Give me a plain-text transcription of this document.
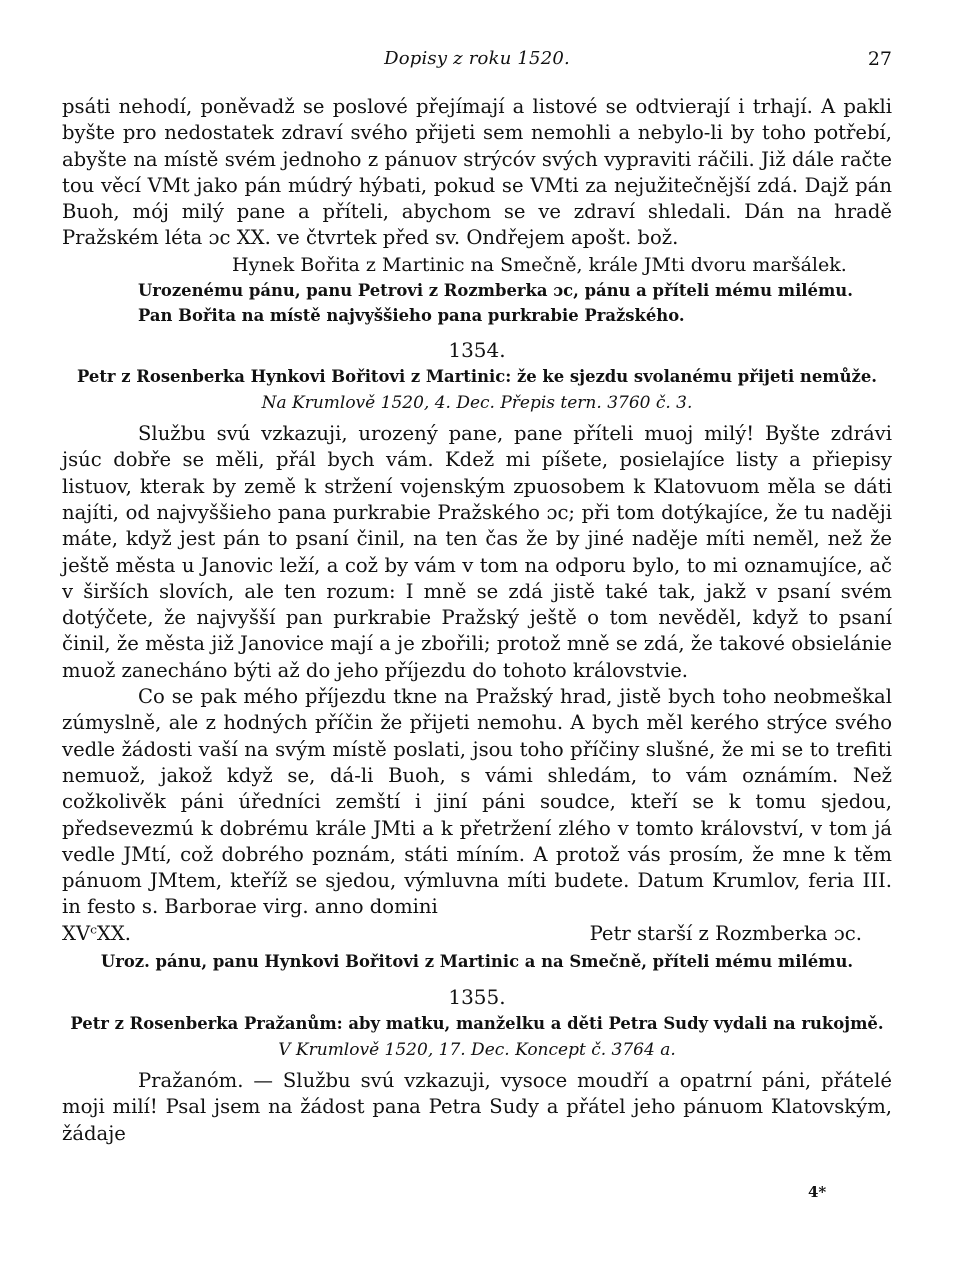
Dopisy z roku 1520.	27

psáti nehodí, poněvadž se poslové přejímají a listové se odtvierají i trhají. A pakli byšte pro nedostatek zdraví svého přijeti sem nemohli a nebylo-li by toho potřebí, abyšte na místě svém jednoho z pánuov strýcóv svých vypraviti ráčili. Již dále račte tou věcí VMt jako pán múdrý hýbati, pokud se VMti za nejužitečnější zdá. Dajž pán Buoh, mój milý pane a příteli, abychom se ve zdraví shledali. Dán na hradě Pražském léta ɔc XX. ve čtvrtek před sv. Ondřejem apošt. bož.

Hynek Bořita z Martinic na Smečně, krále JMti dvoru maršálek.

Urozenému pánu, panu Petrovi z Rozmberka ɔc, pánu a příteli mému milému.

Pan Bořita na místě najvyššieho pana purkrabie Pražského.

1354.
Petr z Rosenberka Hynkovi Bořitovi z Martinic: že ke sjezdu svolanému přijeti nemůže.
Na Krumlově 1520, 4. Dec. Přepis tern. 3760 č. 3.

Službu svú vzkazuji, urozený pane, pane příteli muoj milý! Byšte zdrávi jsúc dobře se měli, přál bych vám. Kdež mi píšete, posielajíce listy a přiepisy listuov, kterak by země k stržení vojenským zpuosobem k Klatovuom měla se dáti najíti, od najvyššieho pana purkrabie Pražského ɔc; při tom dotýkajíce, že tu naději máte, když jest pán to psaní činil, na ten čas že by jiné naděje míti neměl, než že ještě města u Janovic leží, a což by vám v tom na odporu bylo, to mi oznamujíce, ač v širších slovích, ale ten rozum: I mně se zdá jistě také tak, jakž v psaní svém dotýčete, že najvyšší pan purkrabie Pražský ještě o tom nevěděl, když to psaní činil, že města již Janovice mají a je zbořili; protož mně se zdá, že takové obsielánie muož zanecháno býti až do jeho příjezdu do tohoto královstvie.

Co se pak mého příjezdu tkne na Pražský hrad, jistě bych toho neobmeškal zúmyslně, ale z hodných příčin že přijeti nemohu. A bych měl kerého strýce svého vedle žádosti vaší na svým místě poslati, jsou toho příčiny slušné, že mi se to trefiti nemuož, jakož když se, dá-li Buoh, s vámi shledám, to vám oznámím. Než cožkolivěk páni úředníci zemští i jiní páni soudce, kteří se k tomu sjedou, předsevezmú k dobrému krále JMti a k přetržení zlého v tomto království, v tom já vedle JMtí, což dobrého poznám, státi míním. A protož vás prosím, že mne k těm pánuom JMtem, kteříž se sjedou, výmluvna míti budete. Datum Krumlov, feria III. in festo s. Barborae virg. anno domini

XVᶜXX.	Petr starší z Rozmberka ɔc.
Uroz. pánu, panu Hynkovi Bořitovi z Martinic a na Smečně, příteli mému milému.
1355.
Petr z Rosenberka Pražanům: aby matku, manželku a děti Petra Sudy vydali na rukojmě.
V Krumlově 1520, 17. Dec. Koncept č. 3764 a.

Pražanóm. — Službu svú vzkazuji, vysoce moudří a opatrní páni, přátelé moji milí! Psal jsem na žádost pana Petra Sudy a přátel jeho pánuom Klatovským, žádaje

4*
